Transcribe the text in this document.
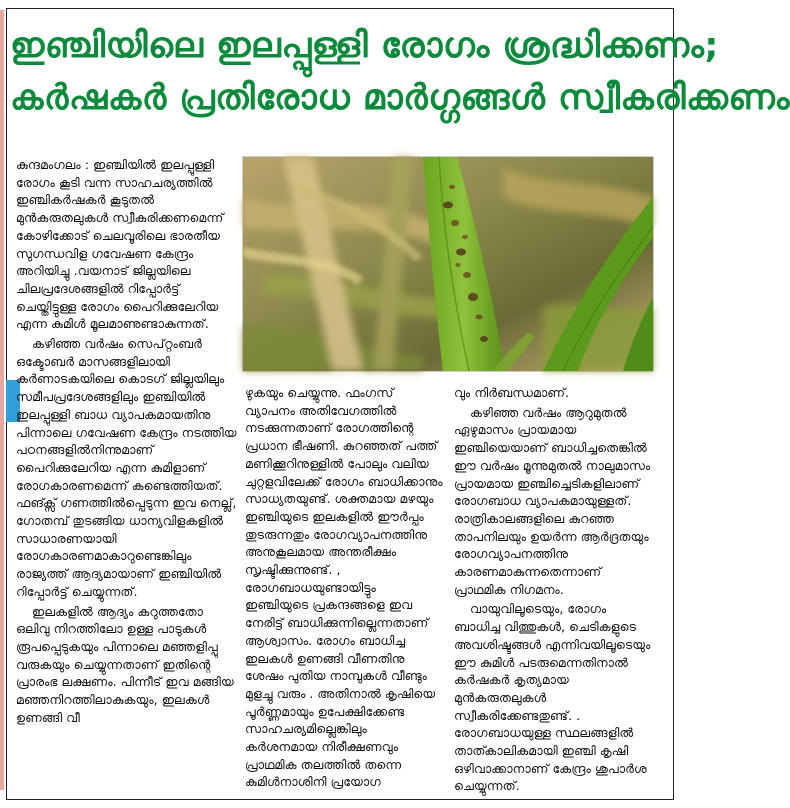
ഇഞ്ചിയിലെ ഇലപ്പുള്ളി രോഗം ശ്രദ്ധിക്കണം;
കർഷകർ പ്രതിരോധ മാർഗ്ഗങ്ങൾ സ്വീകരിക്കണം

കുന്ദമംഗലം : ഇഞ്ചിയിൽ ഇലപ്പുള്ളി രോഗം കൂടി വന്ന സാഹചര്യത്തിൽ ഇഞ്ചികർഷകർ കൂടുതൽ മുൻകരുതലുകൾ സ്വീകരിക്കണമെന്ന് കോഴിക്കോട് ചെലവൂരിലെ ഭാരതീയ സുഗന്ധവിള ഗവേഷണ കേന്ദ്രം അറിയിച്ചു .വയനാട് ജില്ലയിലെ ചിലപ്രദേശങ്ങളിൽ റിപ്പോർട്ട് ചെയ്തിട്ടുള്ള രോഗം പൈറിക്കുലേറിയ എന്ന കുമിൾ മൂലമാണുണ്ടാകുന്നത്.

കഴിഞ്ഞ വർഷം സെപ്റ്റംബർ ഒക്ടോബർ മാസങ്ങളിലായി കർണാടകയിലെ കൊടഗ് ജില്ലയിലും സമീപപ്രദേശങ്ങളിലും ഇഞ്ചിയിൽ ഇലപ്പുള്ളി ബാധ വ്യാപകമായതിനു പിന്നാലെ ഗവേഷണ കേന്ദ്രം നടത്തിയ പഠനങ്ങളിൽനിന്നുമാണ് പൈറിക്കുലേറിയ എന്ന കുമിളാണ് രോഗകാരണമെന്ന് കണ്ടെത്തിയത്. ഫങ്ക്സ് ഗണത്തിൽപ്പെടുന്ന ഇവ നെല്ല്, ഗോതമ്പ് തുടങ്ങിയ ധാന്യവിളകളിൽ സാധാരണയായി രോഗകാരണമാകാറുണ്ടെങ്കിലും രാജ്യത്ത് ആദ്യമായാണ് ഇഞ്ചിയിൽ റിപ്പോർട്ട് ചെയ്യുന്നത്.

ഇലകളിൽ ആദ്യം കറുത്തതോ ഒലിവു നിറത്തിലോ ഉള്ള പാടുകൾ രൂപപ്പെടുകയും പിന്നാലെ മഞ്ഞളിപ്പു വരുകയും ചെയ്യുന്നതാണ് ഇതിന്റെ പ്രാരംഭ ലക്ഷണം. പിന്നീട് ഇവ മങ്ങിയ മഞ്ഞനിറത്തിലാകുകയും, ഇലകൾ ഉണങ്ങി വീ

ഴുകയും ചെയ്യുന്നു. ഫംഗസ് വ്യാപനം അതിവേഗത്തിൽ നടക്കുന്നതാണ് രോഗത്തിന്റെ പ്രധാന ഭീഷണി. കുറഞ്ഞത് പത്ത് മണിക്കൂറിനുള്ളിൽ പോലും വലിയ ചുറ്റളവിലേക്ക് രോഗം ബാധിക്കാനും സാധ്യതയുണ്ട്. ശക്തമായ മഴയും ഇഞ്ചിയുടെ ഇലകളിൽ ഈർപ്പം തുടരുന്നതും രോഗവ്യാപനത്തിനു അനുകൂലമായ അന്തരീക്ഷം സൃഷ്ടിക്കുന്നുണ്ട്. , രോഗബാധയുണ്ടായിട്ടും ഇഞ്ചിയുടെ പ്രകന്ദങ്ങളെ ഇവ നേരിട്ട് ബാധിക്കുന്നില്ലെന്നതാണ് ആശ്വാസം. രോഗം ബാധിച്ച ഇലകൾ ഉണങ്ങി വീണതിനു ശേഷം പുതിയ നാമ്പുകൾ വീണ്ടും മുളച്ചു വരും . അതിനാൽ കൃഷിയെ പൂർണ്ണമായും ഉപേക്ഷിക്കേണ്ട സാഹചര്യമില്ലെങ്കിലും കർശനമായ നിരീക്ഷണവും പ്രാഥമിക തലത്തിൽ തന്നെ കുമിൾനാശിനി പ്രയോഗ

വും നിർബന്ധമാണ്.

കഴിഞ്ഞ വർഷം ആറുമുതൽ ഏഴുമാസം പ്രായമായ ഇഞ്ചിയെയാണ് ബാധിച്ചതെങ്കിൽ ഈ വർഷം മൂന്നുമുതൽ നാലുമാസം പ്രായമായ ഇഞ്ചിച്ചെടികളിലാണ് രോഗബാധ വ്യാപകമായുള്ളത്. രാത്രികാലങ്ങളിലെ കുറഞ്ഞ താപനിലയും ഉയർന്ന ആർദ്രതയും രോഗവ്യാപനത്തിനു കാരണമാകുന്നതെന്നാണ് പ്രാഥമിക നിഗമനം.

വായുവിലൂടെയും, രോഗം ബാധിച്ച വിത്തുകൾ, ചെടികളുടെ അവശിഷ്ടങ്ങൾ എന്നിവയിലൂടെയും ഈ കുമിൾ പടരുമെന്നതിനാൽ കർഷകർ കൃത്യമായ മുൻകരുതലുകൾ സ്വീകരിക്കേണ്ടതുണ്ട്. . രോഗബാധയുള്ള സ്ഥലങ്ങളിൽ താത്കാലികമായി ഇഞ്ചി കൃഷി ഒഴിവാക്കാനാണ് കേന്ദ്രം ശുപാർശ ചെയ്യുന്നത്.
